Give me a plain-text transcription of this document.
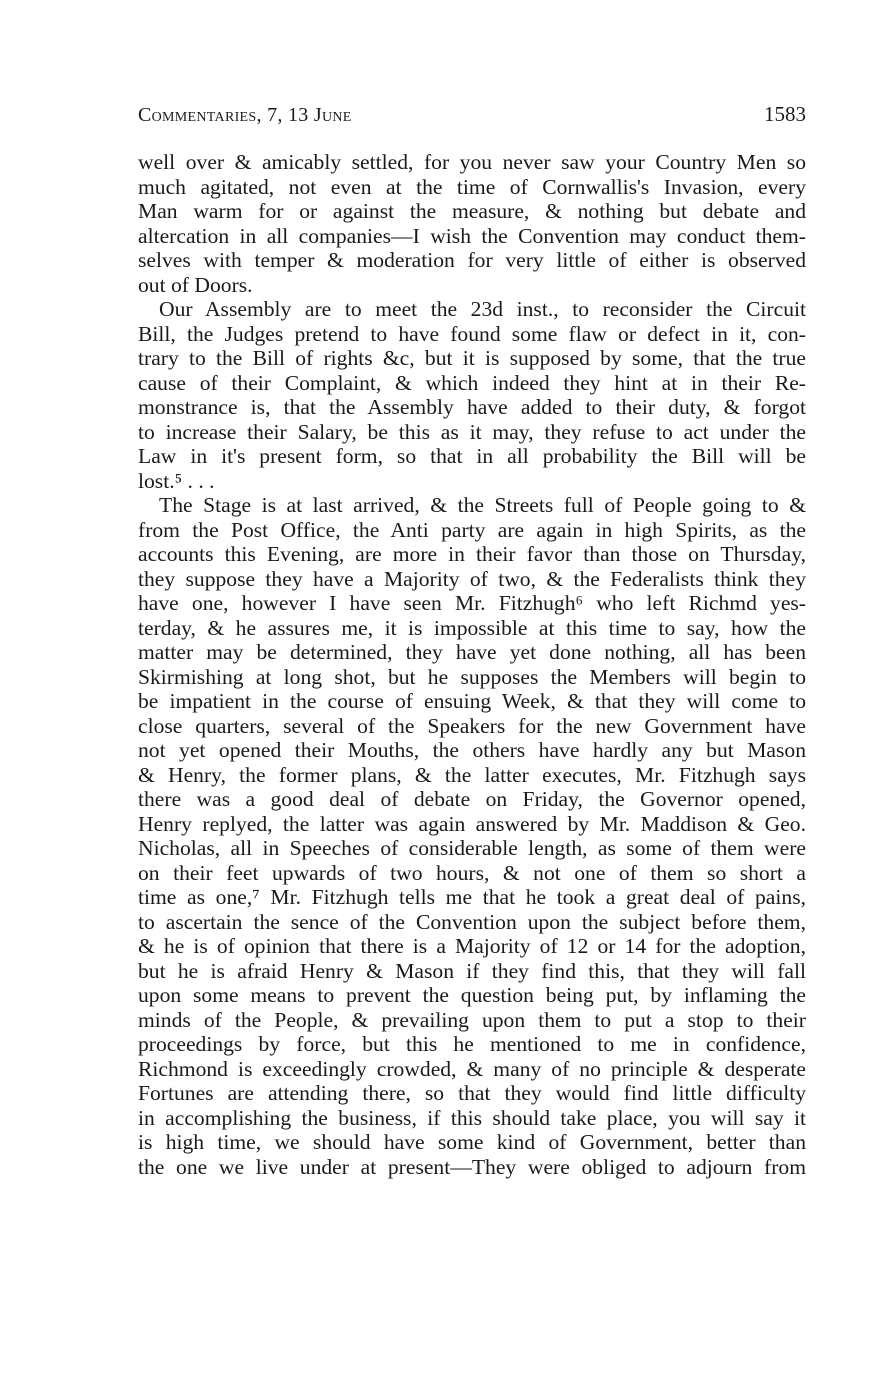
Commentaries, 7, 13 June	1583
well over & amicably settled, for you never saw your Country Men so
much agitated, not even at the time of Cornwallis's Invasion, every
Man warm for or against the measure, & nothing but debate and
altercation in all companies—I wish the Convention may conduct them-
selves with temper & moderation for very little of either is observed
out of Doors.
Our Assembly are to meet the 23d inst., to reconsider the Circuit
Bill, the Judges pretend to have found some flaw or defect in it, con-
trary to the Bill of rights &c, but it is supposed by some, that the true
cause of their Complaint, & which indeed they hint at in their Re-
monstrance is, that the Assembly have added to their duty, & forgot
to increase their Salary, be this as it may, they refuse to act under the
Law in it's present form, so that in all probability the Bill will be
lost.⁵ . . .
The Stage is at last arrived, & the Streets full of People going to &
from the Post Office, the Anti party are again in high Spirits, as the
accounts this Evening, are more in their favor than those on Thursday,
they suppose they have a Majority of two, & the Federalists think they
have one, however I have seen Mr. Fitzhugh⁶ who left Richmd yes-
terday, & he assures me, it is impossible at this time to say, how the
matter may be determined, they have yet done nothing, all has been
Skirmishing at long shot, but he supposes the Members will begin to
be impatient in the course of ensuing Week, & that they will come to
close quarters, several of the Speakers for the new Government have
not yet opened their Mouths, the others have hardly any but Mason
& Henry, the former plans, & the latter executes, Mr. Fitzhugh says
there was a good deal of debate on Friday, the Governor opened,
Henry replyed, the latter was again answered by Mr. Maddison & Geo.
Nicholas, all in Speeches of considerable length, as some of them were
on their feet upwards of two hours, & not one of them so short a
time as one,⁷ Mr. Fitzhugh tells me that he took a great deal of pains,
to ascertain the sence of the Convention upon the subject before them,
& he is of opinion that there is a Majority of 12 or 14 for the adoption,
but he is afraid Henry & Mason if they find this, that they will fall
upon some means to prevent the question being put, by inflaming the
minds of the People, & prevailing upon them to put a stop to their
proceedings by force, but this he mentioned to me in confidence,
Richmond is exceedingly crowded, & many of no principle & desperate
Fortunes are attending there, so that they would find little difficulty
in accomplishing the business, if this should take place, you will say it
is high time, we should have some kind of Government, better than
the one we live under at present—They were obliged to adjourn from
